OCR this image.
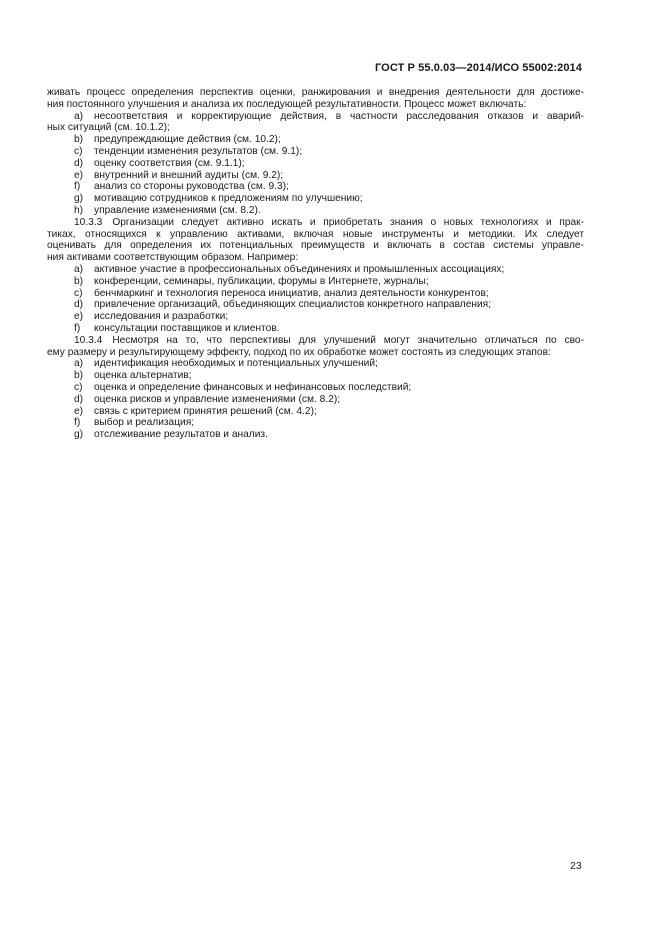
ГОСТ Р 55.0.03—2014/ИСО 55002:2014
живать процесс определения перспектив оценки, ранжирования и внедрения деятельности для достиже-
ния постоянного улучшения и анализа их последующей результативности. Процесс может включать:
a) несоответствия и корректирующие действия, в частности расследования отказов и аварий-
ных ситуаций (см. 10.1.2);
b) предупреждающие действия (см. 10.2);
c) тенденции изменения результатов (см. 9.1);
d) оценку соответствия (см. 9.1.1);
e) внутренний и внешний аудиты (см. 9.2);
f) анализ со стороны руководства (см. 9.3);
g) мотивацию сотрудников к предложениям по улучшению;
h) управление изменениями (см. 8.2).
10.3.3 Организации следует активно искать и приобретать знания о новых технологиях и прак-
тиках, относящихся к управлению активами, включая новые инструменты и методики. Их следует
оценивать для определения их потенциальных преимуществ и включать в состав системы управле-
ния активами соответствующим образом. Например:
a) активное участие в профессиональных объединениях и промышленных ассоциациях;
b) конференции, семинары, публикации, форумы в Интернете, журналы;
c) бенчмаркинг и технология переноса инициатив, анализ деятельности конкурентов;
d) привлечение организаций, объединяющих специалистов конкретного направления;
e) исследования и разработки;
f) консультации поставщиков и клиентов.
10.3.4 Несмотря на то, что перспективы для улучшений могут значительно отличаться по сво-
ему размеру и результирующему эффекту, подход по их обработке может состоять из следующих этапов:
a) идентификация необходимых и потенциальных улучшений;
b) оценка альтернатив;
c) оценка и определение финансовых и нефинансовых последствий;
d) оценка рисков и управление изменениями (см. 8.2);
e) связь с критерием принятия решений (см. 4.2);
f) выбор и реализация;
g) отслеживание результатов и анализ.
23
